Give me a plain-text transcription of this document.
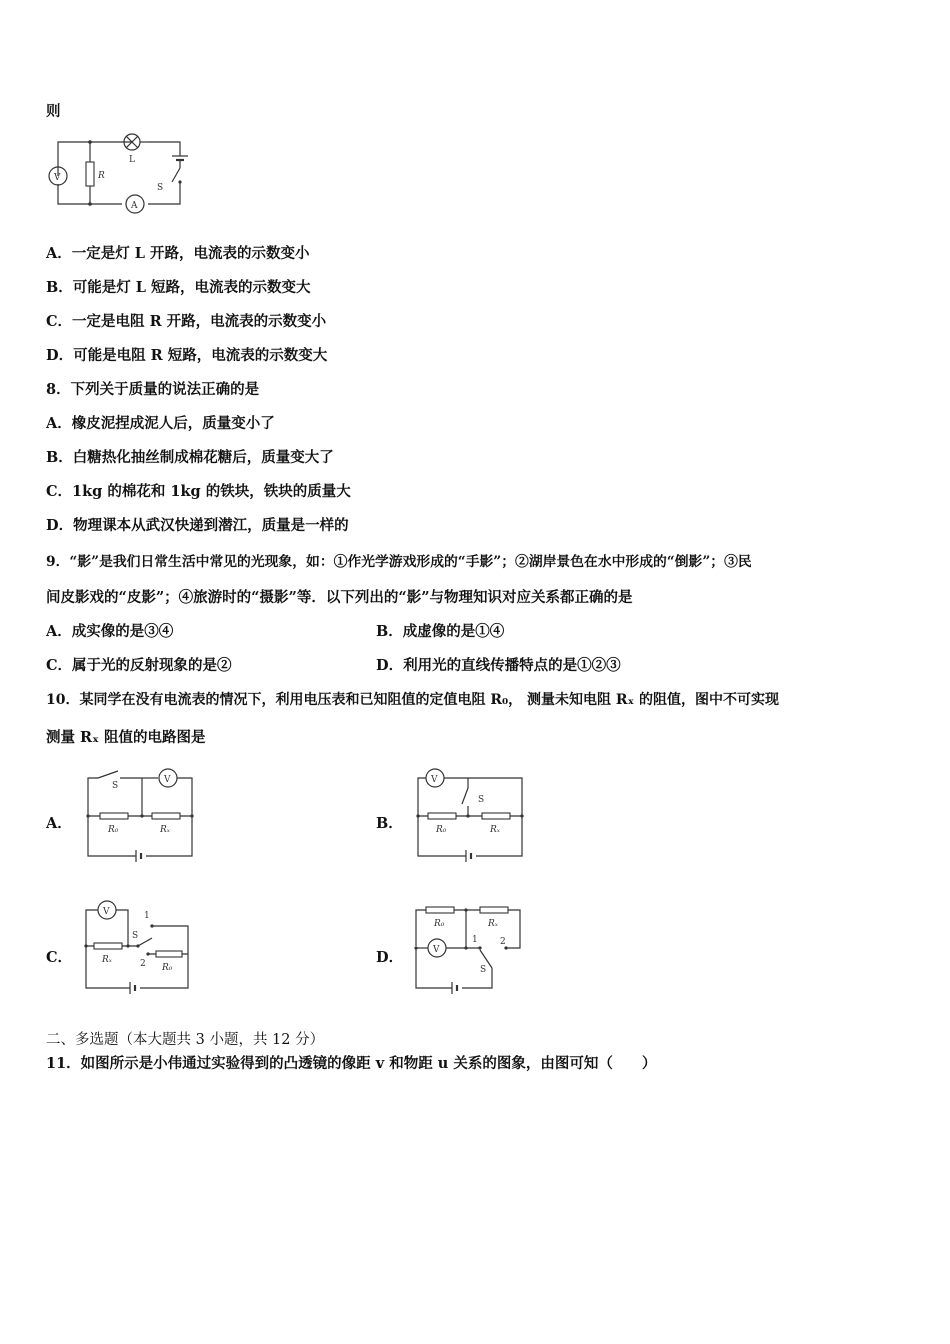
则
R
V
L
S
A
A．一定是灯 L 开路，电流表的示数变小
B．可能是灯 L 短路，电流表的示数变大
C．一定是电阻 R 开路，电流表的示数变小
D．可能是电阻 R 短路，电流表的示数变大
8．下列关于质量的说法正确的是
A．橡皮泥捏成泥人后，质量变小了
B．白糖热化抽丝制成棉花糖后，质量变大了
C．1kg 的棉花和 1kg 的铁块，铁块的质量大
D．物理课本从武汉快递到潜江，质量是一样的
9．“影”是我们日常生活中常见的光现象，如：①作光学游戏形成的“手影”；②湖岸景色在水中形成的“倒影”；③民
间皮影戏的“皮影”；④旅游时的“摄影”等．以下列出的“影”与物理知识对应关系都正确的是
A．成实像的是③④	B．成虚像的是①④
C．属于光的反射现象的是②	D．利用光的直线传播特点的是①②③
10．某同学在没有电流表的情况下，利用电压表和已知阻值的定值电阻 R₀， 测量未知电阻 Rₓ 的阻值，图中不可实现
测量 Rₓ 阻值的电路图是
A．
S
V
R₀	Rₓ	B．
V
S
R₀	Rₓ
C．
V	1
Rₓ
S
2 R₀
D．
R₀	Rₓ
V
1 2
S
二、多选题（本大题共 3 小题，共 12 分）
11．如图所示是小伟通过实验得到的凸透镜的像距 v 和物距 u 关系的图象，由图可知（　　）
